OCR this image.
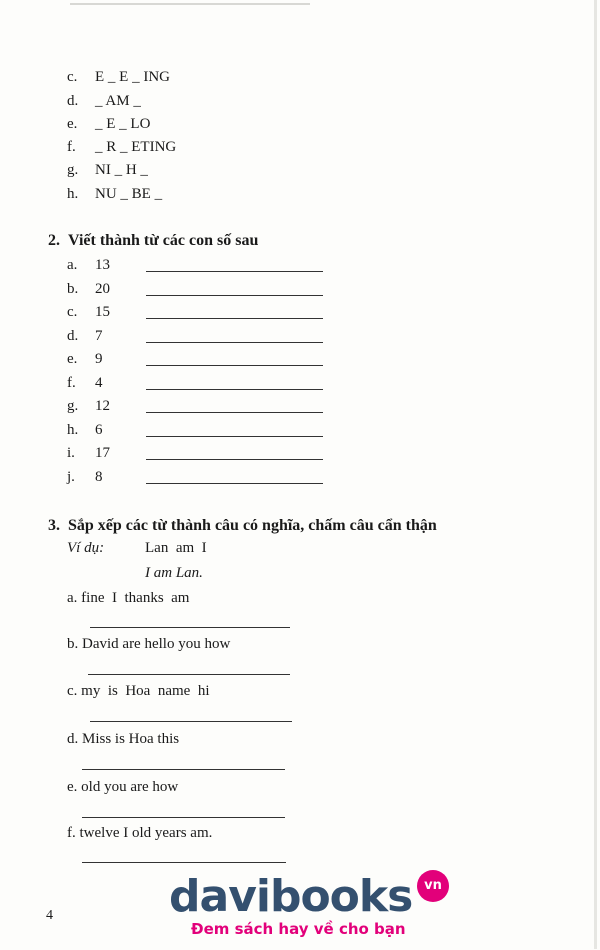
c. E _ E _ ING
d. _ AM _
e. _ E _ LO
f. _ R _ ETING
g. NI _ H _
h. NU _ BE _
2. Viết thành từ các con số sau
a. 13
b. 20
c. 15
d. 7
e. 9
f. 4
g. 12
h. 6
i. 17
j. 8
3. Sắp xếp các từ thành câu có nghĩa, chấm câu cẩn thận
Ví dụ:	Lan  am  I
I am Lan.
a. fine  I  thanks  am
b. David are hello you how
c. my  is  Hoa  name  hi
d. Miss is Hoa this
e. old you are how
f. twelve I old years am.
4	davibooks vn
Đem sách hay về cho bạn
